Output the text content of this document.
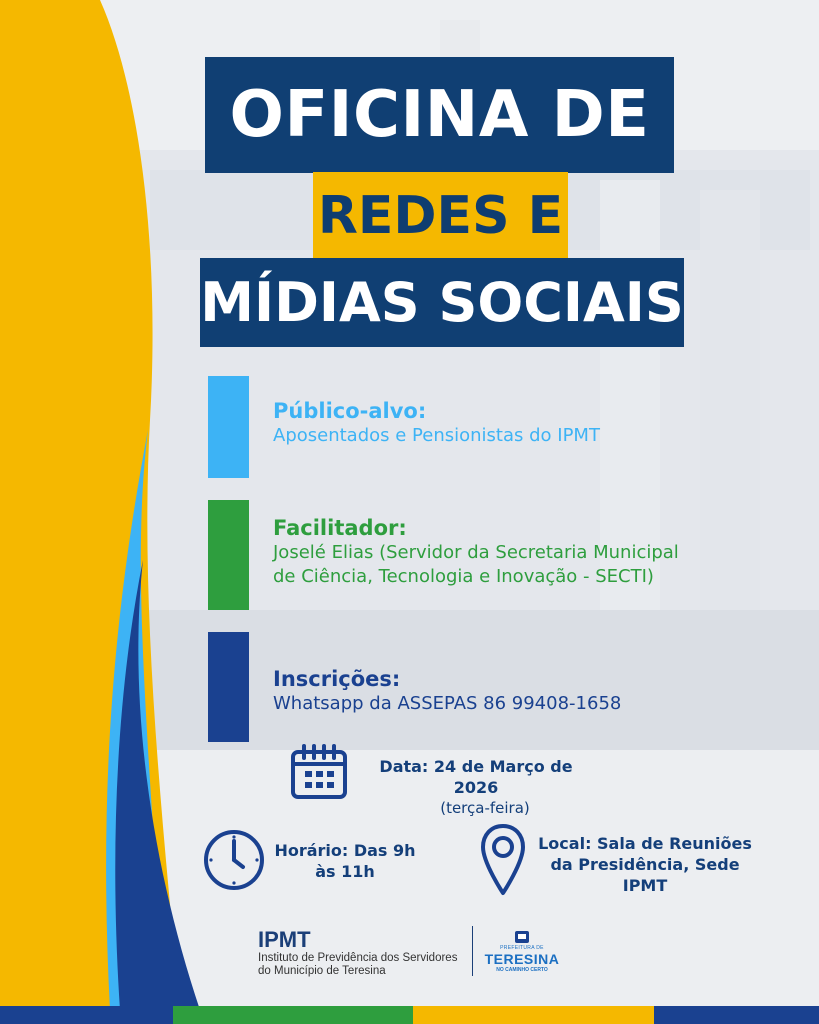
OFICINA DE
REDES E
MÍDIAS SOCIAIS
Público-alvo:
Aposentados e Pensionistas do IPMT
Facilitador:
Joselé Elias (Servidor da Secretaria Municipal
de Ciência, Tecnologia e Inovação - SECTI)
Inscrições:
Whatsapp da ASSEPAS 86 99408-1658
Data: 24 de Março de 2026
(terça-feira)
Horário: Das 9h
às 11h
Local: Sala de Reuniões
da Presidência, Sede
IPMT
IPMT
Instituto de Previdência dos Servidores
do Município de Teresina
PREFEITURA DE
TERESINA
NO CAMINHO CERTO
